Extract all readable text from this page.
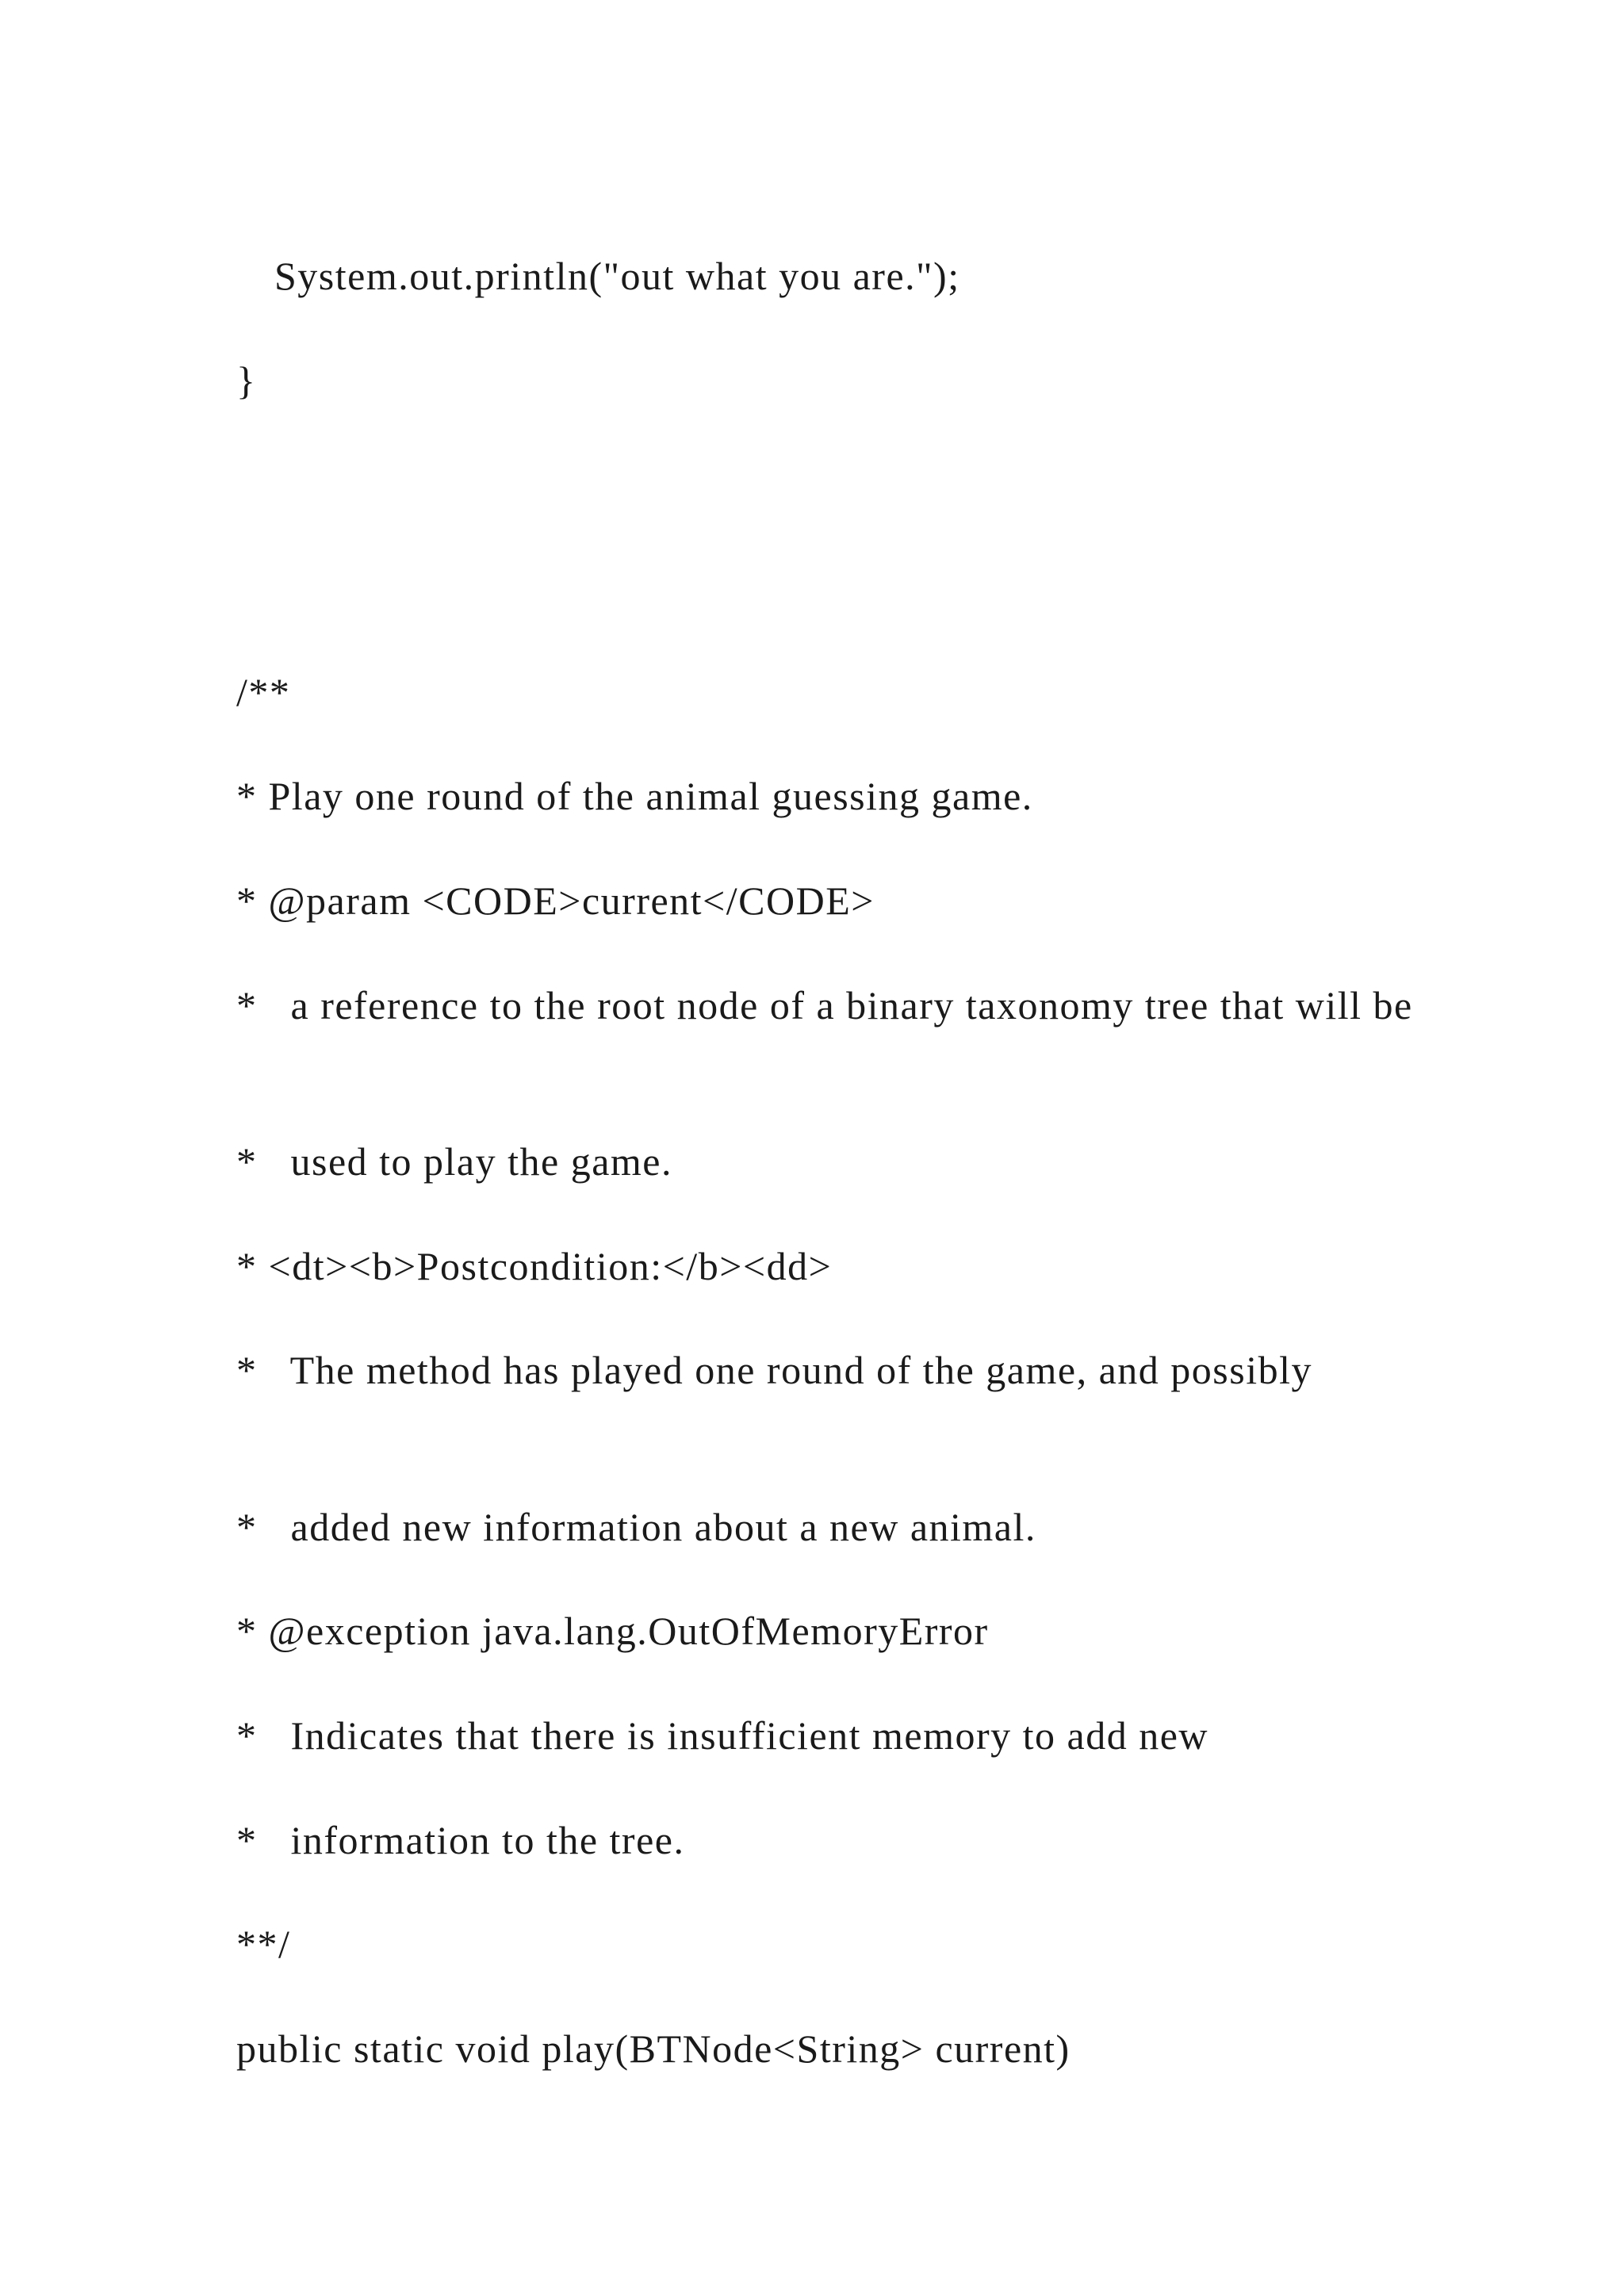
System.out.println("out what you are.");

}

/**

* Play one round of the animal guessing game.

* @param <CODE>current</CODE>

*   a reference to the root node of a binary taxonomy tree that will be

*   used to play the game.

* <dt><b>Postcondition:</b><dd>

*   The method has played one round of the game, and possibly

*   added new information about a new animal.

* @exception java.lang.OutOfMemoryError

*   Indicates that there is insufficient memory to add new

*   information to the tree.

**/

public static void play(BTNode<String> current)
